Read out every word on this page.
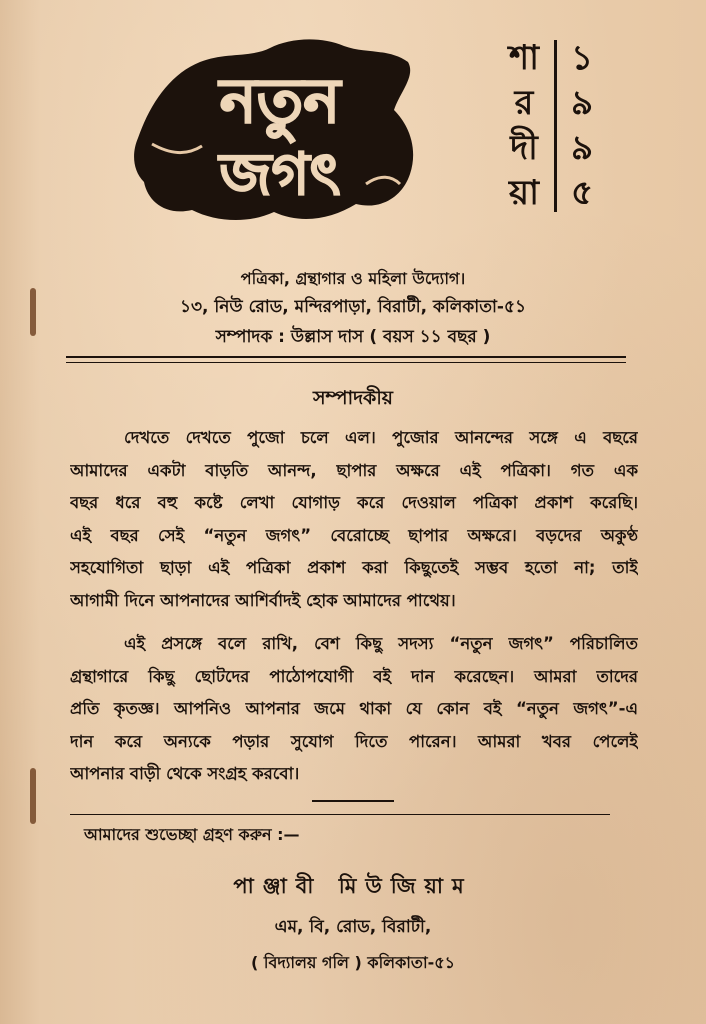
নতুন
জগৎ
শা
র
দী
য়া
১
৯
৯
৫
পত্রিকা, গ্রন্থাগার ও মহিলা উদ্যোগ।
১৩, নিউ রোড, মন্দিরপাড়া, বিরাটী, কলিকাতা-৫১
সম্পাদক : উল্লাস দাস ( বয়স ১১ বছর )
সম্পাদকীয়

দেখতে দেখতে পুজো চলে এল। পুজোর আনন্দের সঙ্গে এ বছরে
আমাদের একটা বাড়তি আনন্দ, ছাপার অক্ষরে এই পত্রিকা। গত এক
বছর ধরে বহু কষ্টে লেখা যোগাড় করে দেওয়াল পত্রিকা প্রকাশ করেছি।
এই বছর সেই “নতুন জগৎ” বেরোচ্ছে ছাপার অক্ষরে। বড়দের অকুণ্ঠ
সহযোগিতা ছাড়া এই পত্রিকা প্রকাশ করা কিছুতেই সম্ভব হতো না; তাই
আগামী দিনে আপনাদের আশির্বাদই হোক আমাদের পাথেয়।

এই প্রসঙ্গে বলে রাখি, বেশ কিছু সদস্য “নতুন জগৎ” পরিচালিত
গ্রন্থাগারে কিছু ছোটদের পাঠোপযোগী বই দান করেছেন। আমরা তাদের
প্রতি কৃতজ্ঞ। আপনিও আপনার জমে থাকা যে কোন বই “নতুন জগৎ”-এ
দান করে অন্যকে পড়ার সুযোগ দিতে পারেন। আমরা খবর পেলেই
আপনার বাড়ী থেকে সংগ্রহ করবো।

আমাদের শুভেচ্ছা গ্রহণ করুন :—
পাঞ্জাবী মিউজিয়াম
এম, বি, রোড, বিরাটী,
( বিদ্যালয় গলি ) কলিকাতা-৫১
